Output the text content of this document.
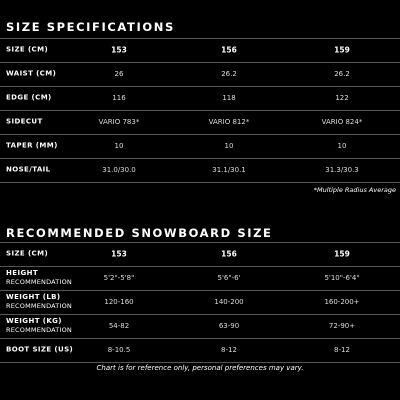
SIZE SPECIFICATIONS
SIZE (CM)	153	156	159
WAIST (CM)	26	26.2	26.2
EDGE (CM)	116	118	122
SIDECUT	VARIO 783*	VARIO 812*	VARIO 824*
TAPER (MM)	10	10	10
NOSE/TAIL	31.0/30.0	31.1/30.1	31.3/30.3
*Multiple Radius Average
RECOMMENDED SNOWBOARD SIZE
SIZE (CM)	153	156	159
HEIGHT
RECOMMENDATION	5'2"-5'8"	5'6"-6'	5'10"-6'4"
WEIGHT (LB)
RECOMMENDATION	120-160	140-200	160-200+
WEIGHT (KG)
RECOMMENDATION	54-82	63-90	72-90+
BOOT SIZE (US)	8-10.5	8-12	8-12
Chart is for reference only, personal preferences may vary.
